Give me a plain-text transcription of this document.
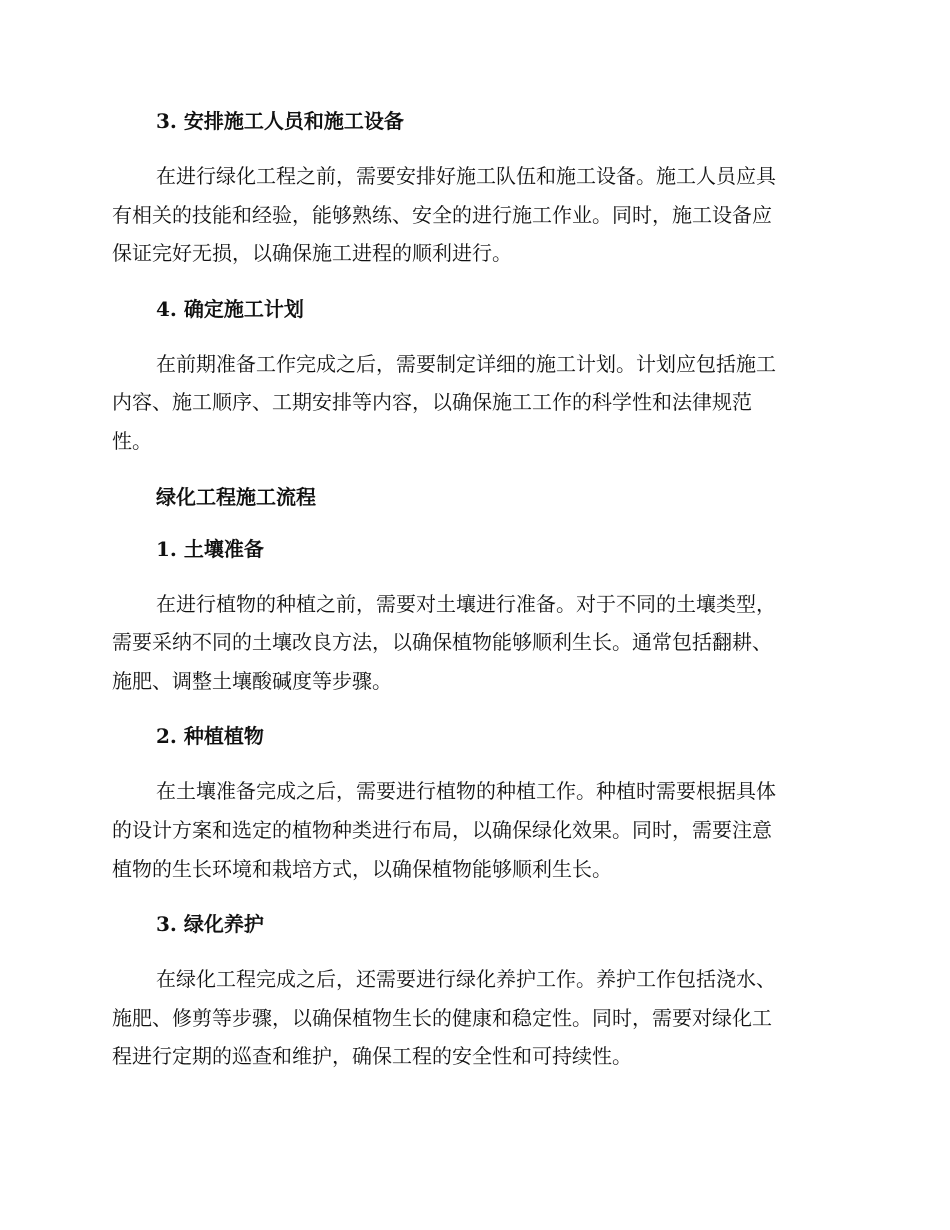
3. 安排施工人员和施工设备
在进行绿化工程之前，需要安排好施工队伍和施工设备。施工人员应具
有相关的技能和经验，能够熟练、安全的进行施工作业。同时，施工设备应
保证完好无损，以确保施工进程的顺利进行。
4. 确定施工计划
在前期准备工作完成之后，需要制定详细的施工计划。计划应包括施工
内容、施工顺序、工期安排等内容，以确保施工工作的科学性和法律规范
性。
绿化工程施工流程
1. 土壤准备
在进行植物的种植之前，需要对土壤进行准备。对于不同的土壤类型，
需要采纳不同的土壤改良方法，以确保植物能够顺利生长。通常包括翻耕、
施肥、调整土壤酸碱度等步骤。
2. 种植植物
在土壤准备完成之后，需要进行植物的种植工作。种植时需要根据具体
的设计方案和选定的植物种类进行布局，以确保绿化效果。同时，需要注意
植物的生长环境和栽培方式，以确保植物能够顺利生长。
3. 绿化养护
在绿化工程完成之后，还需要进行绿化养护工作。养护工作包括浇水、
施肥、修剪等步骤，以确保植物生长的健康和稳定性。同时，需要对绿化工
程进行定期的巡查和维护，确保工程的安全性和可持续性。
